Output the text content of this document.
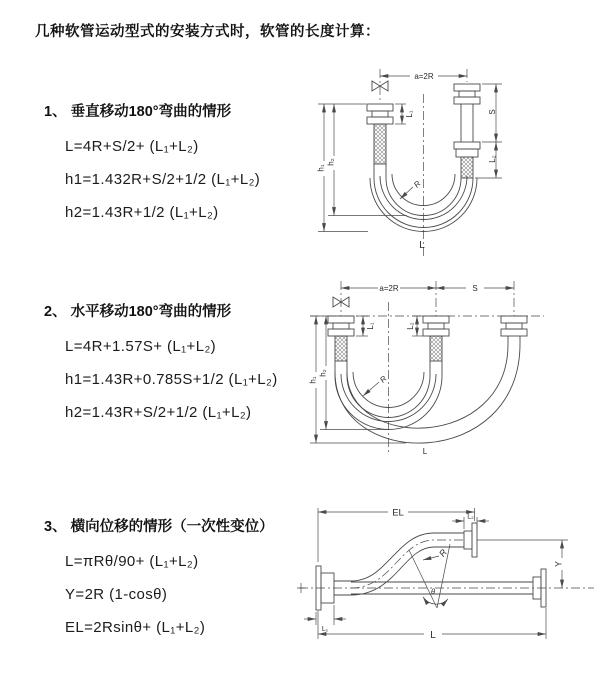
几种软管运动型式的安装方式时，软管的长度计算：
1、 垂直移动180°弯曲的情形
L=4R+S/2+ (L₁+L₂)
h1=1.432R+S/2+1/2 (L₁+L₂)
h2=1.43R+1/2 (L₁+L₂)
a=2R
h₁
h₂
L₁	S
L₂
R
L
2、 水平移动180°弯曲的情形
L=4R+1.57S+ (L₁+L₂)
h1=1.43R+0.785S+1/2 (L₁+L₂)
h2=1.43R+S/2+1/2 (L₁+L₂)
a=2R	S
h₁
h₂
L₁	L₂
R
L
3、 横向位移的情形（一次性变位）
L=πRθ/90+ (L₁+L₂)
Y=2R (1-cosθ)
EL=2Rsinθ+ (L₁+L₂)
EL	L₂
Y
L
L₁
R
θ
